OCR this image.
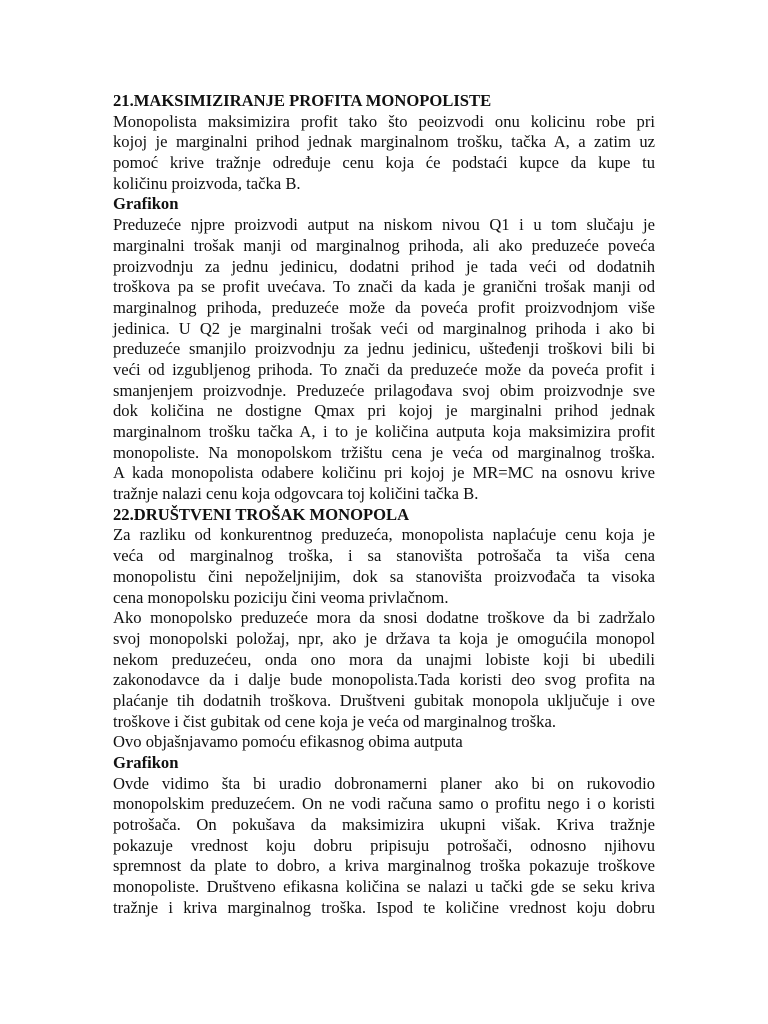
21.MAKSIMIZIRANJE PROFITA MONOPOLISTE
Monopolista maksimizira profit tako što peoizvodi onu kolicinu robe pri
kojoj je marginalni prihod jednak marginalnom trošku, tačka A, a zatim uz
pomoć krive tražnje određuje cenu koja će podstaći kupce da kupe tu
količinu proizvoda, tačka B.
Grafikon
Preduzeće njpre proizvodi autput na niskom nivou Q1 i u tom slučaju je
marginalni trošak manji od marginalnog prihoda, ali ako preduzeće poveća
proizvodnju za jednu jedinicu, dodatni prihod je tada veći od dodatnih
troškova pa se profit uvećava. To znači da kada je granični trošak manji od
marginalnog prihoda, preduzeće može da poveća profit proizvodnjom više
jedinica. U Q2 je marginalni trošak veći od marginalnog prihoda i ako bi
preduzeće smanjilo proizvodnju za jednu jedinicu, ušteđenji troškovi bili bi
veći od izgubljenog prihoda. To znači da preduzeće može da poveća profit i
smanjenjem proizvodnje. Preduzeće prilagođava svoj obim proizvodnje sve
dok količina ne dostigne Qmax pri kojoj je marginalni prihod jednak
marginalnom trošku tačka A, i to je količina autputa koja maksimizira profit
monopoliste. Na monopolskom tržištu cena je veća od marginalnog troška.
A kada monopolista odabere količinu pri kojoj je MR=MC na osnovu krive
tražnje nalazi cenu koja odgovcara toj količini tačka B.
22.DRUŠTVENI TROŠAK MONOPOLA
Za razliku od konkurentnog preduzeća, monopolista naplaćuje cenu koja je
veća od marginalnog troška, i sa stanovišta potrošača ta viša cena
monopolistu čini nepoželjnijim, dok sa stanovišta proizvođača ta visoka
cena monopolsku poziciju čini veoma privlačnom.
Ako monopolsko preduzeće mora da snosi dodatne troškove da bi zadržalo
svoj monopolski položaj, npr, ako je država ta koja je omogućila monopol
nekom preduzećeu, onda ono mora da unajmi lobiste koji bi ubedili
zakonodavce da i dalje bude monopolista.Tada koristi deo svog profita na
plaćanje tih dodatnih troškova. Društveni gubitak monopola uključuje i ove
troškove i čist gubitak od cene koja je veća od marginalnog troška.
Ovo objašnjavamo pomoću efikasnog obima autputa
Grafikon
Ovde vidimo šta bi uradio dobronamerni planer ako bi on rukovodio
monopolskim preduzećem. On ne vodi računa samo o profitu nego i o koristi
potrošača. On pokušava da maksimizira ukupni višak. Kriva tražnje
pokazuje vrednost koju dobru pripisuju potrošači, odnosno njihovu
spremnost da plate to dobro, a kriva marginalnog troška pokazuje troškove
monopoliste. Društveno efikasna količina se nalazi u tački gde se seku kriva
tražnje i kriva marginalnog troška. Ispod te količine vrednost koju dobru
